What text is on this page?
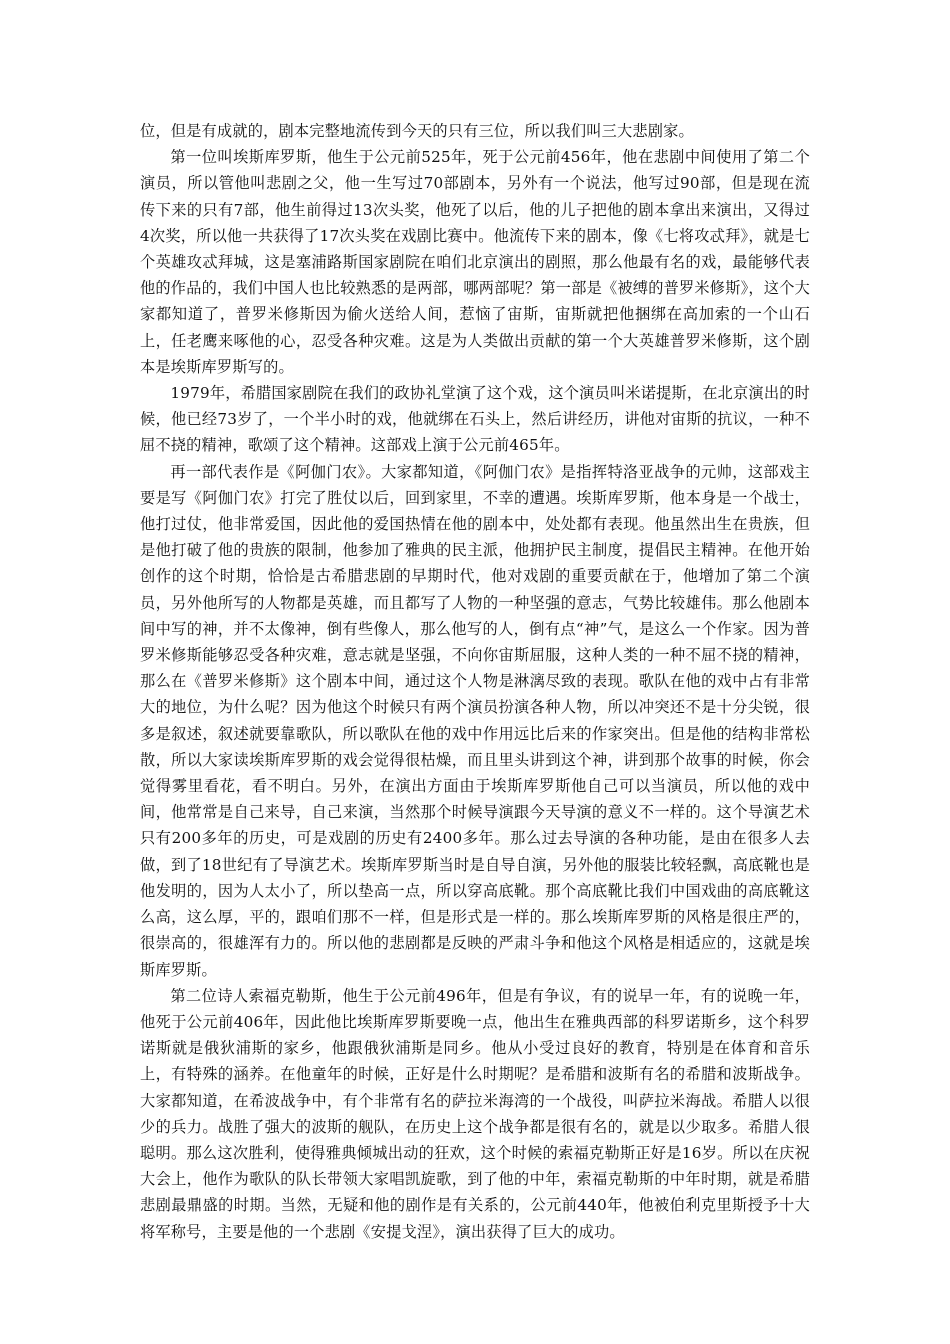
位，但是有成就的，剧本完整地流传到今天的只有三位，所以我们叫三大悲剧家。

第一位叫埃斯库罗斯，他生于公元前525年，死于公元前456年，他在悲剧中间使用了第二个演员，所以管他叫悲剧之父，他一生写过70部剧本，另外有一个说法，他写过90部，但是现在流传下来的只有7部，他生前得过13次头奖，他死了以后，他的儿子把他的剧本拿出来演出，又得过4次奖，所以他一共获得了17次头奖在戏剧比赛中。他流传下来的剧本，像《七将攻忒拜》，就是七个英雄攻忒拜城，这是塞浦路斯国家剧院在咱们北京演出的剧照，那么他最有名的戏，最能够代表他的作品的，我们中国人也比较熟悉的是两部，哪两部呢？第一部是《被缚的普罗米修斯》，这个大家都知道了，普罗米修斯因为偷火送给人间，惹恼了宙斯，宙斯就把他捆绑在高加索的一个山石上，任老鹰来啄他的心，忍受各种灾难。这是为人类做出贡献的第一个大英雄普罗米修斯，这个剧本是埃斯库罗斯写的。

1979年，希腊国家剧院在我们的政协礼堂演了这个戏，这个演员叫米诺提斯，在北京演出的时候，他已经73岁了，一个半小时的戏，他就绑在石头上，然后讲经历，讲他对宙斯的抗议，一种不屈不挠的精神，歌颂了这个精神。这部戏上演于公元前465年。

再一部代表作是《阿伽门农》。大家都知道，《阿伽门农》是指挥特洛亚战争的元帅，这部戏主要是写《阿伽门农》打完了胜仗以后，回到家里，不幸的遭遇。埃斯库罗斯，他本身是一个战士，他打过仗，他非常爱国，因此他的爱国热情在他的剧本中，处处都有表现。他虽然出生在贵族，但是他打破了他的贵族的限制，他参加了雅典的民主派，他拥护民主制度，提倡民主精神。在他开始创作的这个时期，恰恰是古希腊悲剧的早期时代，他对戏剧的重要贡献在于，他增加了第二个演员，另外他所写的人物都是英雄，而且都写了人物的一种坚强的意志，气势比较雄伟。那么他剧本间中写的神，并不太像神，倒有些像人，那么他写的人，倒有点“神”气，是这么一个作家。因为普罗米修斯能够忍受各种灾难，意志就是坚强，不向你宙斯屈服，这种人类的一种不屈不挠的精神，那么在《普罗米修斯》这个剧本中间，通过这个人物是淋漓尽致的表现。歌队在他的戏中占有非常大的地位，为什么呢？因为他这个时候只有两个演员扮演各种人物，所以冲突还不是十分尖锐，很多是叙述，叙述就要靠歌队，所以歌队在他的戏中作用远比后来的作家突出。但是他的结构非常松散，所以大家读埃斯库罗斯的戏会觉得很枯燥，而且里头讲到这个神，讲到那个故事的时候，你会觉得雾里看花，看不明白。另外，在演出方面由于埃斯库罗斯他自己可以当演员，所以他的戏中间，他常常是自己来导，自己来演，当然那个时候导演跟今天导演的意义不一样的。这个导演艺术只有200多年的历史，可是戏剧的历史有2400多年。那么过去导演的各种功能，是由在很多人去做，到了18世纪有了导演艺术。埃斯库罗斯当时是自导自演，另外他的服装比较轻飘，高底靴也是他发明的，因为人太小了，所以垫高一点，所以穿高底靴。那个高底靴比我们中国戏曲的高底靴这么高，这么厚，平的，跟咱们那不一样，但是形式是一样的。那么埃斯库罗斯的风格是很庄严的，很崇高的，很雄浑有力的。所以他的悲剧都是反映的严肃斗争和他这个风格是相适应的，这就是埃斯库罗斯。

第二位诗人索福克勒斯，他生于公元前496年，但是有争议，有的说早一年，有的说晚一年，他死于公元前406年，因此他比埃斯库罗斯要晚一点，他出生在雅典西部的科罗诺斯乡，这个科罗诺斯就是俄狄浦斯的家乡，他跟俄狄浦斯是同乡。他从小受过良好的教育，特别是在体育和音乐上，有特殊的涵养。在他童年的时候，正好是什么时期呢？是希腊和波斯有名的希腊和波斯战争。大家都知道，在希波战争中，有个非常有名的萨拉米海湾的一个战役，叫萨拉米海战。希腊人以很少的兵力。战胜了强大的波斯的舰队，在历史上这个战争都是很有名的，就是以少取多。希腊人很聪明。那么这次胜利，使得雅典倾城出动的狂欢，这个时候的索福克勒斯正好是16岁。所以在庆祝大会上，他作为歌队的队长带领大家唱凯旋歌，到了他的中年，索福克勒斯的中年时期，就是希腊悲剧最鼎盛的时期。当然，无疑和他的剧作是有关系的，公元前440年，他被伯利克里斯授予十大将军称号，主要是他的一个悲剧《安提戈涅》，演出获得了巨大的成功。
